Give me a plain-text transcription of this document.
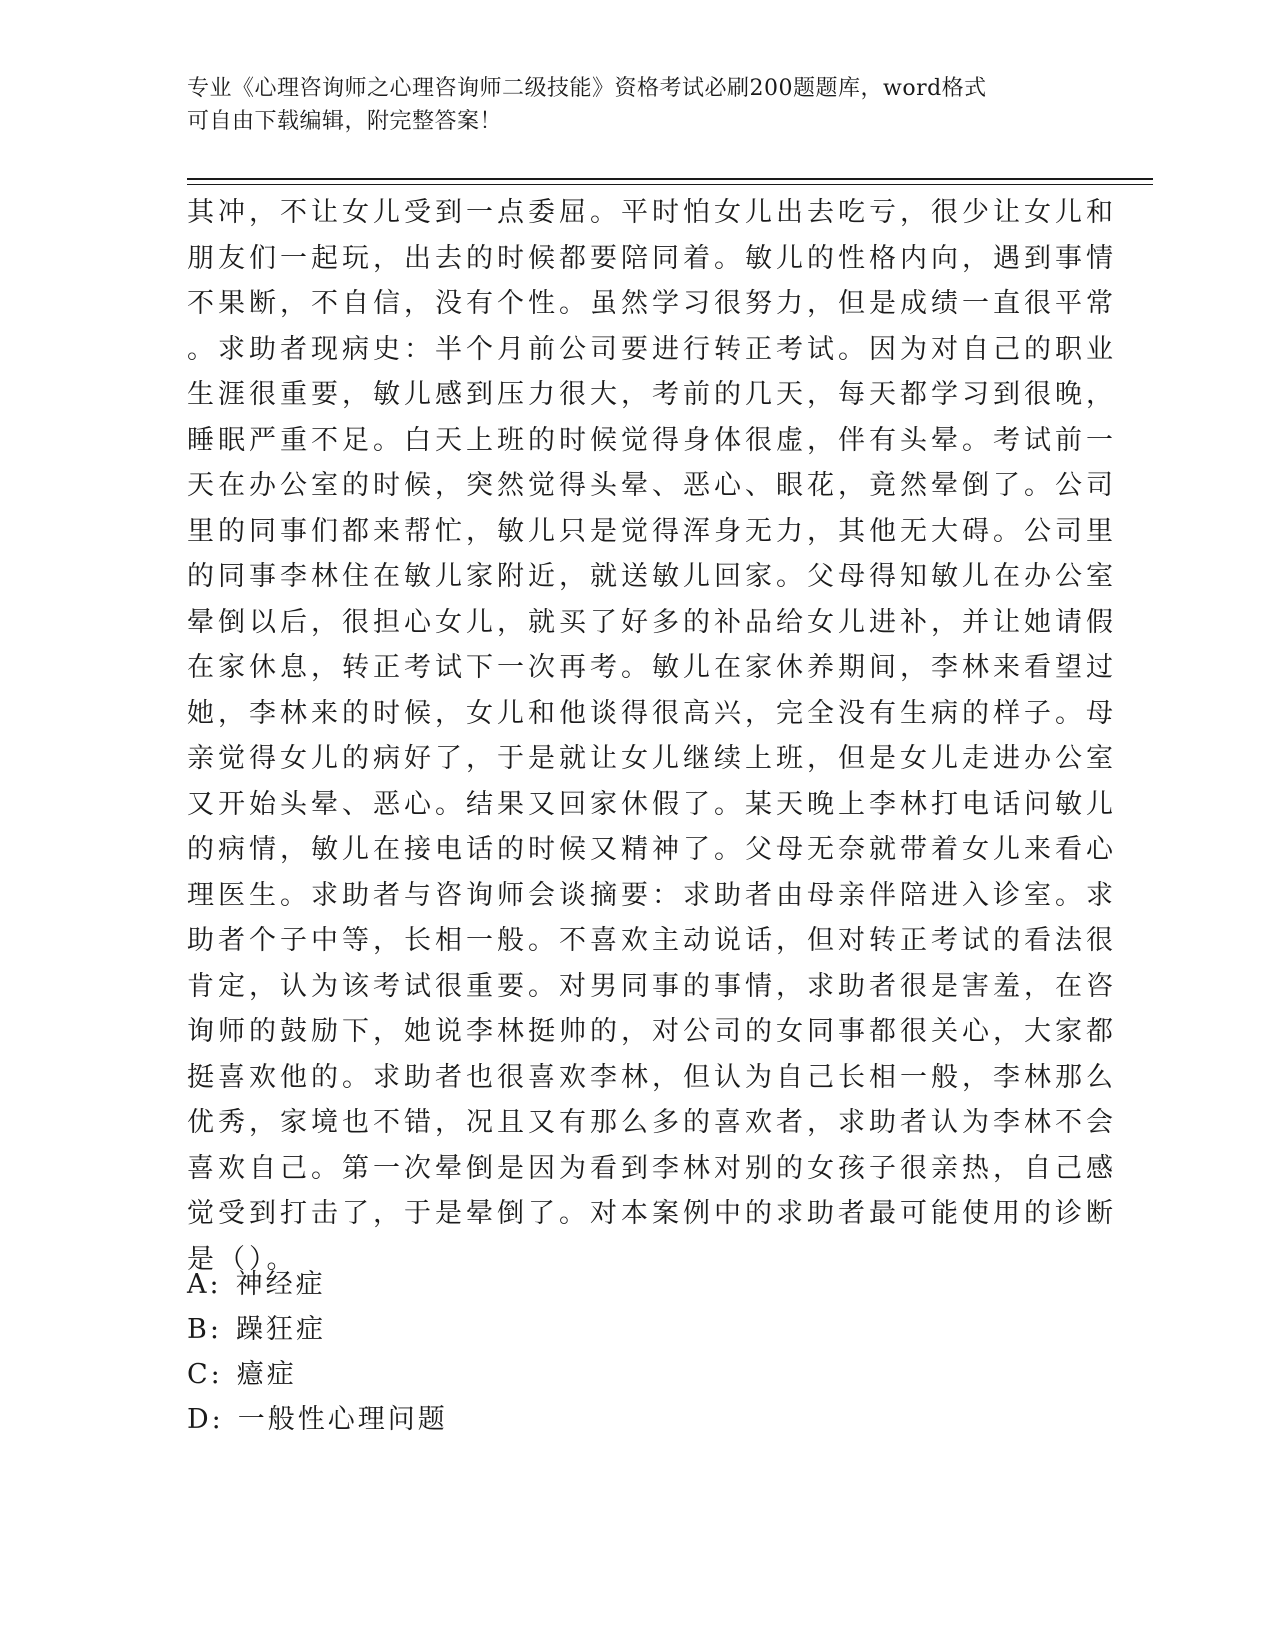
专业《心理咨询师之心理咨询师二级技能》资格考试必刷200题题库，word格式
可自由下载编辑，附完整答案！
其冲，不让女儿受到一点委屈。平时怕女儿出去吃亏，很少让女儿和
朋友们一起玩，出去的时候都要陪同着。敏儿的性格内向，遇到事情
不果断，不自信，没有个性。虽然学习很努力，但是成绩一直很平常
。求助者现病史：半个月前公司要进行转正考试。因为对自己的职业
生涯很重要，敏儿感到压力很大，考前的几天，每天都学习到很晚，
睡眠严重不足。白天上班的时候觉得身体很虚，伴有头晕。考试前一
天在办公室的时候，突然觉得头晕、恶心、眼花，竟然晕倒了。公司
里的同事们都来帮忙，敏儿只是觉得浑身无力，其他无大碍。公司里
的同事李林住在敏儿家附近，就送敏儿回家。父母得知敏儿在办公室
晕倒以后，很担心女儿，就买了好多的补品给女儿进补，并让她请假
在家休息，转正考试下一次再考。敏儿在家休养期间，李林来看望过
她，李林来的时候，女儿和他谈得很高兴，完全没有生病的样子。母
亲觉得女儿的病好了，于是就让女儿继续上班，但是女儿走进办公室
又开始头晕、恶心。结果又回家休假了。某天晚上李林打电话问敏儿
的病情，敏儿在接电话的时候又精神了。父母无奈就带着女儿来看心
理医生。求助者与咨询师会谈摘要：求助者由母亲伴陪进入诊室。求
助者个子中等，长相一般。不喜欢主动说话，但对转正考试的看法很
肯定，认为该考试很重要。对男同事的事情，求助者很是害羞，在咨
询师的鼓励下，她说李林挺帅的，对公司的女同事都很关心，大家都
挺喜欢他的。求助者也很喜欢李林，但认为自己长相一般，李林那么
优秀，家境也不错，况且又有那么多的喜欢者，求助者认为李林不会
喜欢自己。第一次晕倒是因为看到李林对别的女孩子很亲热，自己感
觉受到打击了，于是晕倒了。对本案例中的求助者最可能使用的诊断
是（）。
A: 神经症
B: 躁狂症
C: 癔症
D: 一般性心理问题
